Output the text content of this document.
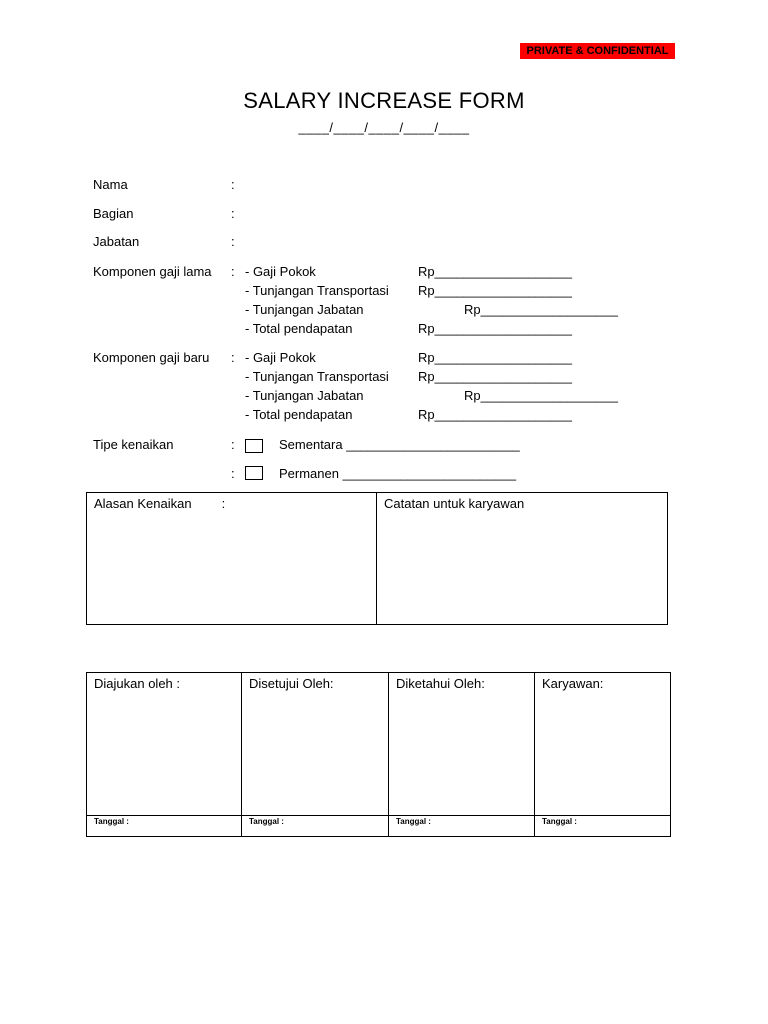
PRIVATE & CONFIDENTIAL
SALARY INCREASE FORM
____/____/____/____/____
Nama	:
Bagian	:
Jabatan	:
Komponen gaji lama : - Gaji Pokok	Rp___________________
- Tunjangan Transportasi Rp___________________
- Tunjangan Jabatan	Rp___________________
- Total pendapatan	Rp___________________
Komponen gaji baru : - Gaji Pokok	Rp___________________
- Tunjangan Transportasi Rp___________________
- Tunjangan Jabatan	Rp___________________
- Total pendapatan	Rp___________________
Tipe kenaikan	:	Sementara ________________________
:	Permanen ________________________
Alasan Kenaikan :	Catatan untuk karyawan
Diajukan oleh :	Disetujui Oleh:	Diketahui Oleh:	Karyawan:
Tanggal :	Tanggal :	Tanggal :	Tanggal :
